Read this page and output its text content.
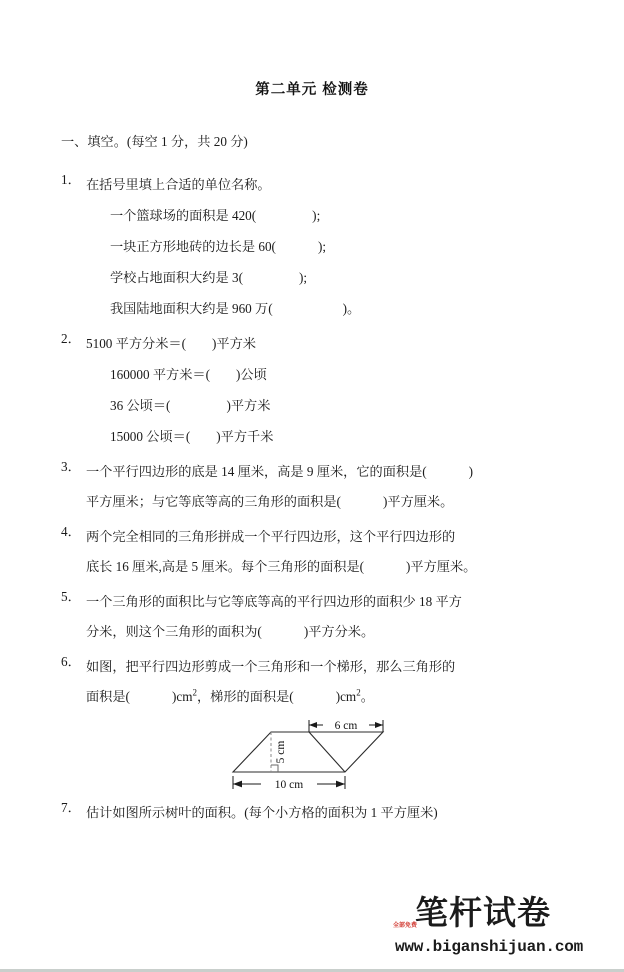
第二单元 检测卷
一、填空。(每空 1 分，共 20 分)
1． 在括号里填上合适的单位名称。
一个篮球场的面积是 420(	);
一块正方形地砖的边长是 60(	);
学校占地面积大约是 3(	);
我国陆地面积大约是 960 万(	)。
2． 5100 平方分米＝( )平方米
160000 平方米＝( )公顷
36 公顷＝(	)平方米
15000 公顷＝( )平方千米
3． 一个平行四边形的底是 14 厘米，高是 9 厘米，它的面积是(	)
平方厘米；与它等底等高的三角形的面积是(	)平方厘米。
4． 两个完全相同的三角形拼成一个平行四边形，这个平行四边形的
底长 16 厘米,高是 5 厘米。每个三角形的面积是(	)平方厘米。
5． 一个三角形的面积比与它等底等高的平行四边形的面积少 18 平方
分米，则这个三角形的面积为(	)平方分米。
6． 如图，把平行四边形剪成一个三角形和一个梯形，那么三角形的
面积是(	)$cm^2$，梯形的面积是(	)$cm^2$。
10 cm
6 cm
5 cm
7． 估计如图所示树叶的面积。(每个小方格的面积为 1 平方厘米)
全部免费
笔杆试卷
www.biganshijuan.com
